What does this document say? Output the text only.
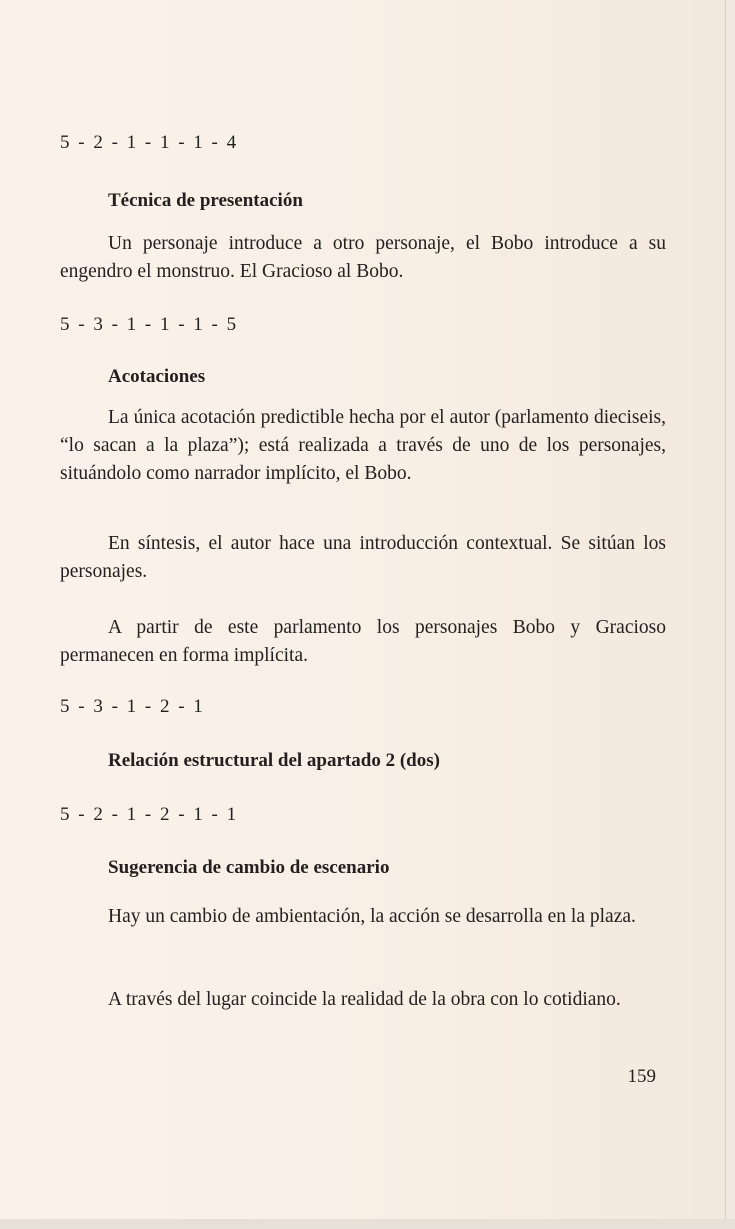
5 - 2 - 1 - 1 - 1 - 4

Técnica de presentación

Un personaje introduce a otro personaje, el Bobo introduce a su engendro el monstruo. El Gracioso al Bobo.

5 - 3 - 1 - 1 - 1 - 5

Acotaciones

La única acotación predictible hecha por el autor (parlamento dieciseis, “lo sacan a la plaza”); está realizada a través de uno de los personajes, situándolo como narrador implícito, el Bobo.

En síntesis, el autor hace una introducción contextual. Se sitúan los personajes.

A partir de este parlamento los personajes Bobo y Gracioso permanecen en forma implícita.

5 - 3 - 1 - 2 - 1

Relación estructural del apartado 2 (dos)

5 - 2 - 1 - 2 - 1 - 1

Sugerencia de cambio de escenario

Hay un cambio de ambientación, la acción se desarrolla en la plaza.

A través del lugar coincide la realidad de la obra con lo cotidiano.

159
